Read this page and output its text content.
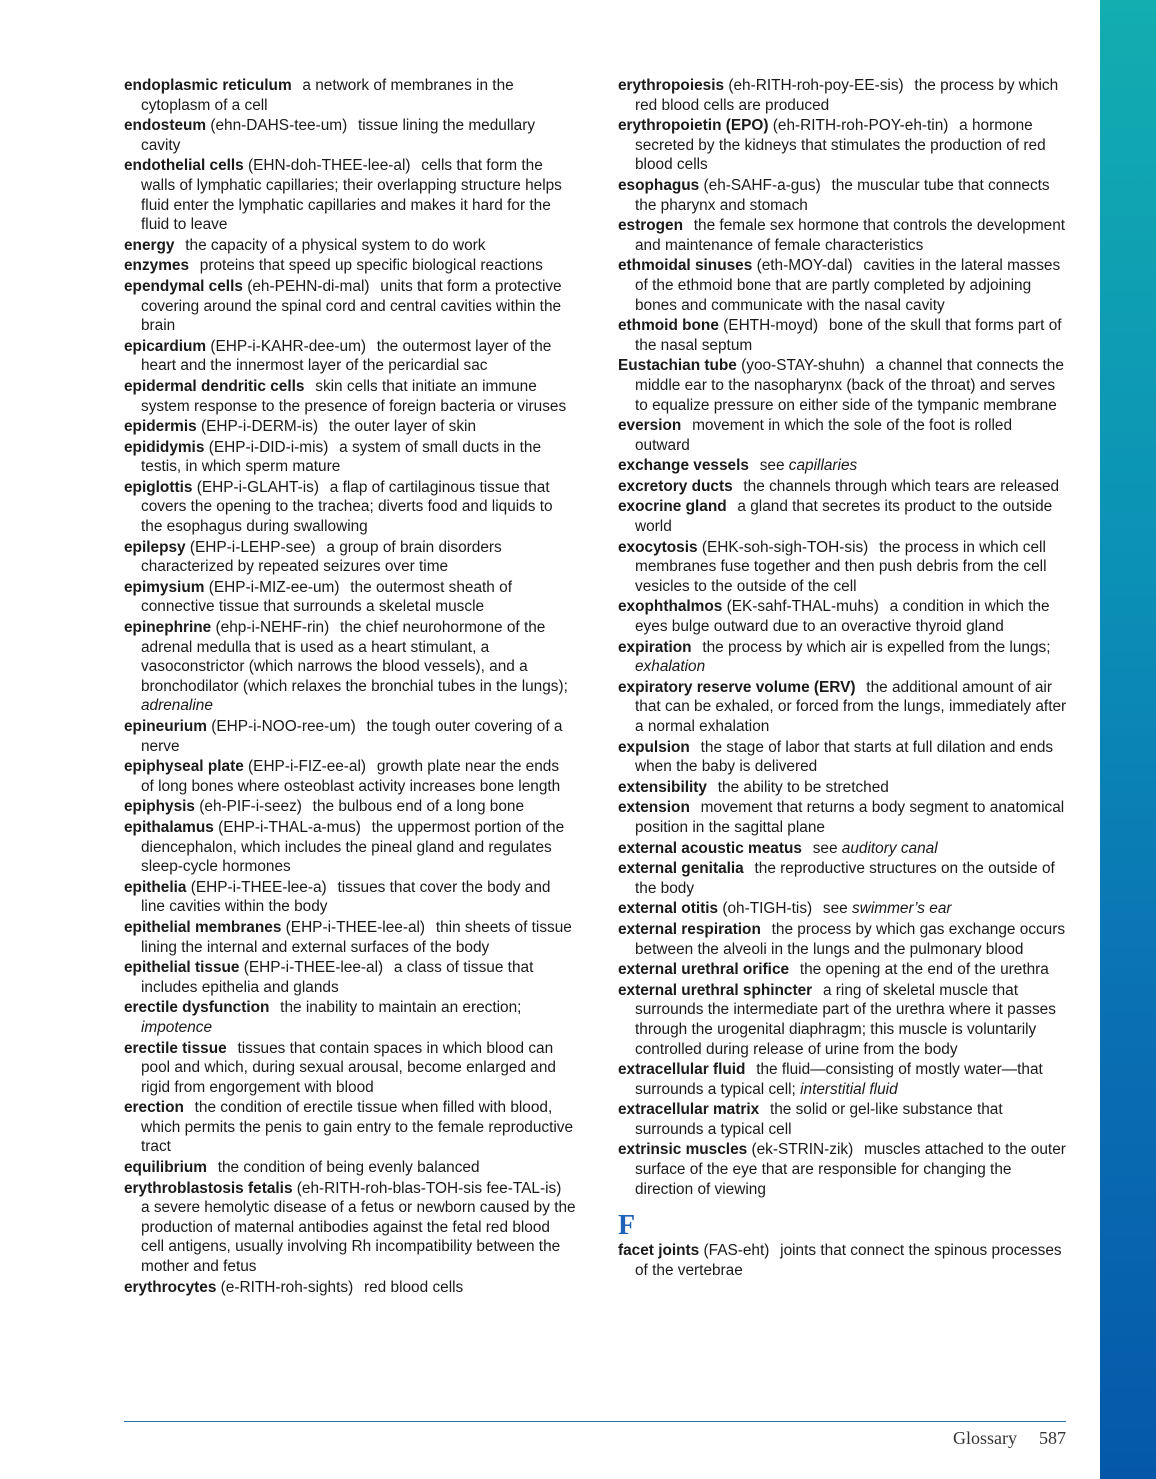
endoplasmic reticulum a network of membranes in the cytoplasm of a cell
endosteum (ehn-DAHS-tee-um) tissue lining the medullary cavity
endothelial cells (EHN-doh-THEE-lee-al) cells that form the walls of lymphatic capillaries; their overlapping structure helps fluid enter the lymphatic capillaries and makes it hard for the fluid to leave
energy the capacity of a physical system to do work
enzymes proteins that speed up specific biological reactions
ependymal cells (eh-PEHN-di-mal) units that form a protective covering around the spinal cord and central cavities within the brain
epicardium (EHP-i-KAHR-dee-um) the outermost layer of the heart and the innermost layer of the pericardial sac
epidermal dendritic cells skin cells that initiate an immune system response to the presence of foreign bacteria or viruses
epidermis (EHP-i-DERM-is) the outer layer of skin
epididymis (EHP-i-DID-i-mis) a system of small ducts in the testis, in which sperm mature
epiglottis (EHP-i-GLAHT-is) a flap of cartilaginous tissue that covers the opening to the trachea; diverts food and liquids to the esophagus during swallowing
epilepsy (EHP-i-LEHP-see) a group of brain disorders characterized by repeated seizures over time
epimysium (EHP-i-MIZ-ee-um) the outermost sheath of connective tissue that surrounds a skeletal muscle
epinephrine (ehp-i-NEHF-rin) the chief neurohormone of the adrenal medulla that is used as a heart stimulant, a vasoconstrictor (which narrows the blood vessels), and a bronchodilator (which relaxes the bronchial tubes in the lungs); adrenaline
epineurium (EHP-i-NOO-ree-um) the tough outer covering of a nerve
epiphyseal plate (EHP-i-FIZ-ee-al) growth plate near the ends of long bones where osteoblast activity increases bone length
epiphysis (eh-PIF-i-seez) the bulbous end of a long bone
epithalamus (EHP-i-THAL-a-mus) the uppermost portion of the diencephalon, which includes the pineal gland and regulates sleep-cycle hormones
epithelia (EHP-i-THEE-lee-a) tissues that cover the body and line cavities within the body
epithelial membranes (EHP-i-THEE-lee-al) thin sheets of tissue lining the internal and external surfaces of the body
epithelial tissue (EHP-i-THEE-lee-al) a class of tissue that includes epithelia and glands
erectile dysfunction the inability to maintain an erection; impotence
erectile tissue tissues that contain spaces in which blood can pool and which, during sexual arousal, become enlarged and rigid from engorgement with blood
erection the condition of erectile tissue when filled with blood, which permits the penis to gain entry to the female reproductive tract
equilibrium the condition of being evenly balanced
erythroblastosis fetalis (eh-RITH-roh-blas-TOH-sis fee-TAL-is)a severe hemolytic disease of a fetus or newborn caused by the production of maternal antibodies against the fetal red blood cell antigens, usually involving Rh incompatibility between the mother and fetus
erythrocytes (e-RITH-roh-sights) red blood cells
erythropoiesis (eh-RITH-roh-poy-EE-sis) the process by which red blood cells are produced
erythropoietin (EPO) (eh-RITH-roh-POY-eh-tin) a hormone secreted by the kidneys that stimulates the production of red blood cells
esophagus (eh-SAHF-a-gus) the muscular tube that connects the pharynx and stomach
estrogen the female sex hormone that controls the development and maintenance of female characteristics
ethmoidal sinuses (eth-MOY-dal) cavities in the lateral masses of the ethmoid bone that are partly completed by adjoining bones and communicate with the nasal cavity
ethmoid bone (EHTH-moyd) bone of the skull that forms part of the nasal septum
Eustachian tube (yoo-STAY-shuhn) a channel that connects the middle ear to the nasopharynx (back of the throat) and serves to equalize pressure on either side of the tympanic membrane
eversion movement in which the sole of the foot is rolled outward
exchange vessels see capillaries
excretory ducts the channels through which tears are released
exocrine gland a gland that secretes its product to the outside world
exocytosis (EHK-soh-sigh-TOH-sis) the process in which cell membranes fuse together and then push debris from the cell vesicles to the outside of the cell
exophthalmos (EK-sahf-THAL-muhs) a condition in which the eyes bulge outward due to an overactive thyroid gland
expiration the process by which air is expelled from the lungs; exhalation
expiratory reserve volume (ERV) the additional amount of air that can be exhaled, or forced from the lungs, immediately after a normal exhalation
expulsion the stage of labor that starts at full dilation and ends when the baby is delivered
extensibility the ability to be stretched
extension movement that returns a body segment to anatomical position in the sagittal plane
external acoustic meatus see auditory canal
external genitalia the reproductive structures on the outside of the body
external otitis (oh-TIGH-tis) see swimmer’s ear
external respiration the process by which gas exchange occurs between the alveoli in the lungs and the pulmonary blood
external urethral orifice the opening at the end of the urethra
external urethral sphincter a ring of skeletal muscle that surrounds the intermediate part of the urethra where it passes through the urogenital diaphragm; this muscle is voluntarily controlled during release of urine from the body
extracellular fluid the fluid—consisting of mostly water—that surrounds a typical cell; interstitial fluid
extracellular matrix the solid or gel-like substance that surrounds a typical cell
extrinsic muscles (ek-STRIN-zik) muscles attached to the outer surface of the eye that are responsible for changing the direction of viewing
F
facet joints (FAS-eht) joints that connect the spinous processes of the vertebrae
Glossary 587
